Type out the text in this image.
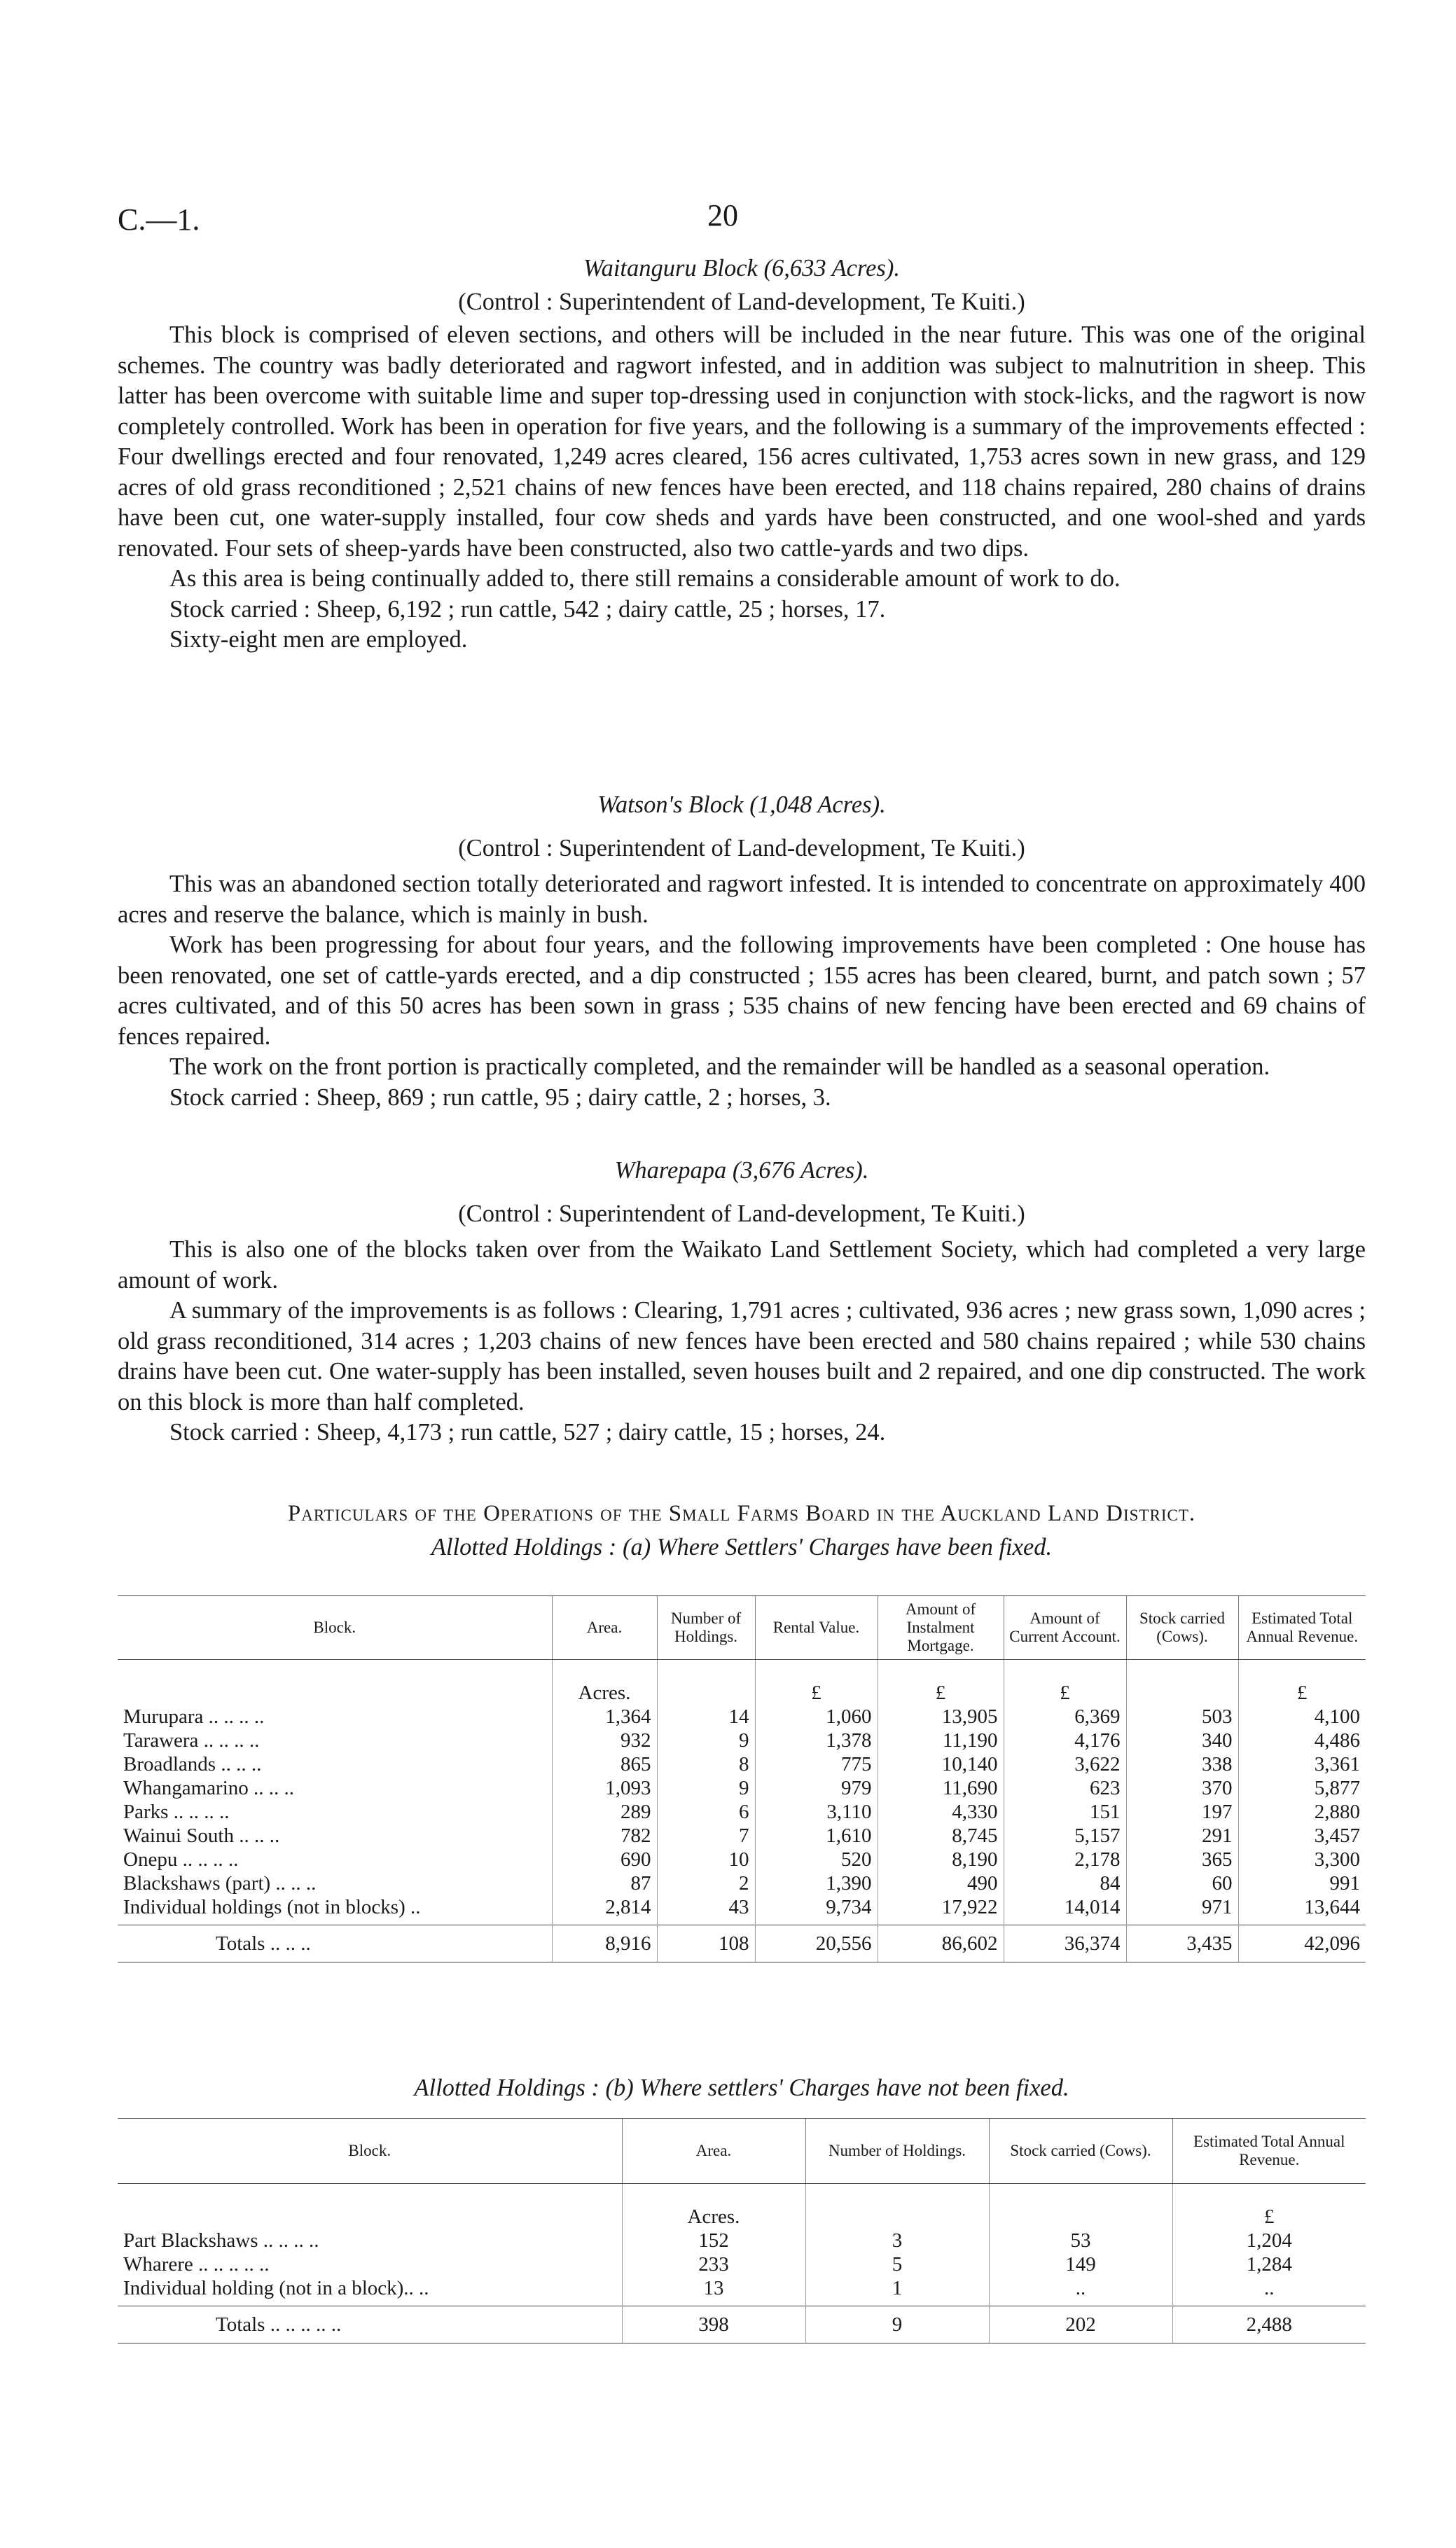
C.—1.	20

Waitanguru Block (6,633 Acres).

(Control : Superintendent of Land-development, Te Kuiti.)

This block is comprised of eleven sections, and others will be included in the near future. This was one of the original schemes. The country was badly deteriorated and ragwort infested, and in addition was subject to malnutrition in sheep. This latter has been overcome with suitable lime and super top-dressing used in conjunction with stock-licks, and the ragwort is now completely controlled. Work has been in operation for five years, and the following is a summary of the improvements effected : Four dwellings erected and four renovated, 1,249 acres cleared, 156 acres cultivated, 1,753 acres sown in new grass, and 129 acres of old grass reconditioned ; 2,521 chains of new fences have been erected, and 118 chains repaired, 280 chains of drains have been cut, one water-supply installed, four cow sheds and yards have been constructed, and one wool-shed and yards renovated. Four sets of sheep-yards have been constructed, also two cattle-yards and two dips.

As this area is being continually added to, there still remains a considerable amount of work to do.

Stock carried : Sheep, 6,192 ; run cattle, 542 ; dairy cattle, 25 ; horses, 17.

Sixty-eight men are employed.

Watson's Block (1,048 Acres).

(Control : Superintendent of Land-development, Te Kuiti.)

This was an abandoned section totally deteriorated and ragwort infested. It is intended to concentrate on approximately 400 acres and reserve the balance, which is mainly in bush.

Work has been progressing for about four years, and the following improvements have been completed : One house has been renovated, one set of cattle-yards erected, and a dip constructed ; 155 acres has been cleared, burnt, and patch sown ; 57 acres cultivated, and of this 50 acres has been sown in grass ; 535 chains of new fencing have been erected and 69 chains of fences repaired.

The work on the front portion is practically completed, and the remainder will be handled as a seasonal operation.

Stock carried : Sheep, 869 ; run cattle, 95 ; dairy cattle, 2 ; horses, 3.

Wharepapa (3,676 Acres).

(Control : Superintendent of Land-development, Te Kuiti.)

This is also one of the blocks taken over from the Waikato Land Settlement Society, which had completed a very large amount of work.

A summary of the improvements is as follows : Clearing, 1,791 acres ; cultivated, 936 acres ; new grass sown, 1,090 acres ; old grass reconditioned, 314 acres ; 1,203 chains of new fences have been erected and 580 chains repaired ; while 530 chains drains have been cut. One water-supply has been installed, seven houses built and 2 repaired, and one dip constructed. The work on this block is more than half completed.

Stock carried : Sheep, 4,173 ; run cattle, 527 ; dairy cattle, 15 ; horses, 24.

Particulars of the Operations of the Small Farms Board in the Auckland Land District.

Allotted Holdings : (a) Where Settlers' Charges have been fixed.

Block.	Area.	Number of Holdings.	Rental Value.	Amount of Instalment Mortgage.	Amount of Current Account.	Stock carried (Cows).	Estimated Total Annual Revenue.
	Acres.		£	£	£		£
Murupara .. .. .. ..	1,364	14	1,060	13,905	6,369	503	4,100
Tarawera .. .. .. ..	932	9	1,378	11,190	4,176	340	4,486
Broadlands .. .. ..	865	8	775	10,140	3,622	338	3,361
Whangamarino .. .. ..	1,093	9	979	11,690	623	370	5,877
Parks .. .. .. ..	289	6	3,110	4,330	151	197	2,880
Wainui South .. .. ..	782	7	1,610	8,745	5,157	291	3,457
Onepu .. .. .. ..	690	10	520	8,190	2,178	365	3,300
Blackshaws (part) .. .. ..	87	2	1,390	490	84	60	991
Individual holdings (not in blocks) ..	2,814	43	9,734	17,922	14,014	971	13,644

Totals .. .. ..	8,916	108	20,556	86,602	36,374	3,435	42,096

Allotted Holdings : (b) Where settlers' Charges have not been fixed.

Block.	Area.	Number of Holdings.	Stock carried (Cows).	Estimated Total Annual Revenue.
	Acres.			£
Part Blackshaws .. .. .. ..	152	3	53	1,204
Wharere .. .. .. .. ..	233	5	149	1,284
Individual holding (not in a block).. ..	13	1	..	..

Totals .. .. .. .. ..	398	9	202	2,488
